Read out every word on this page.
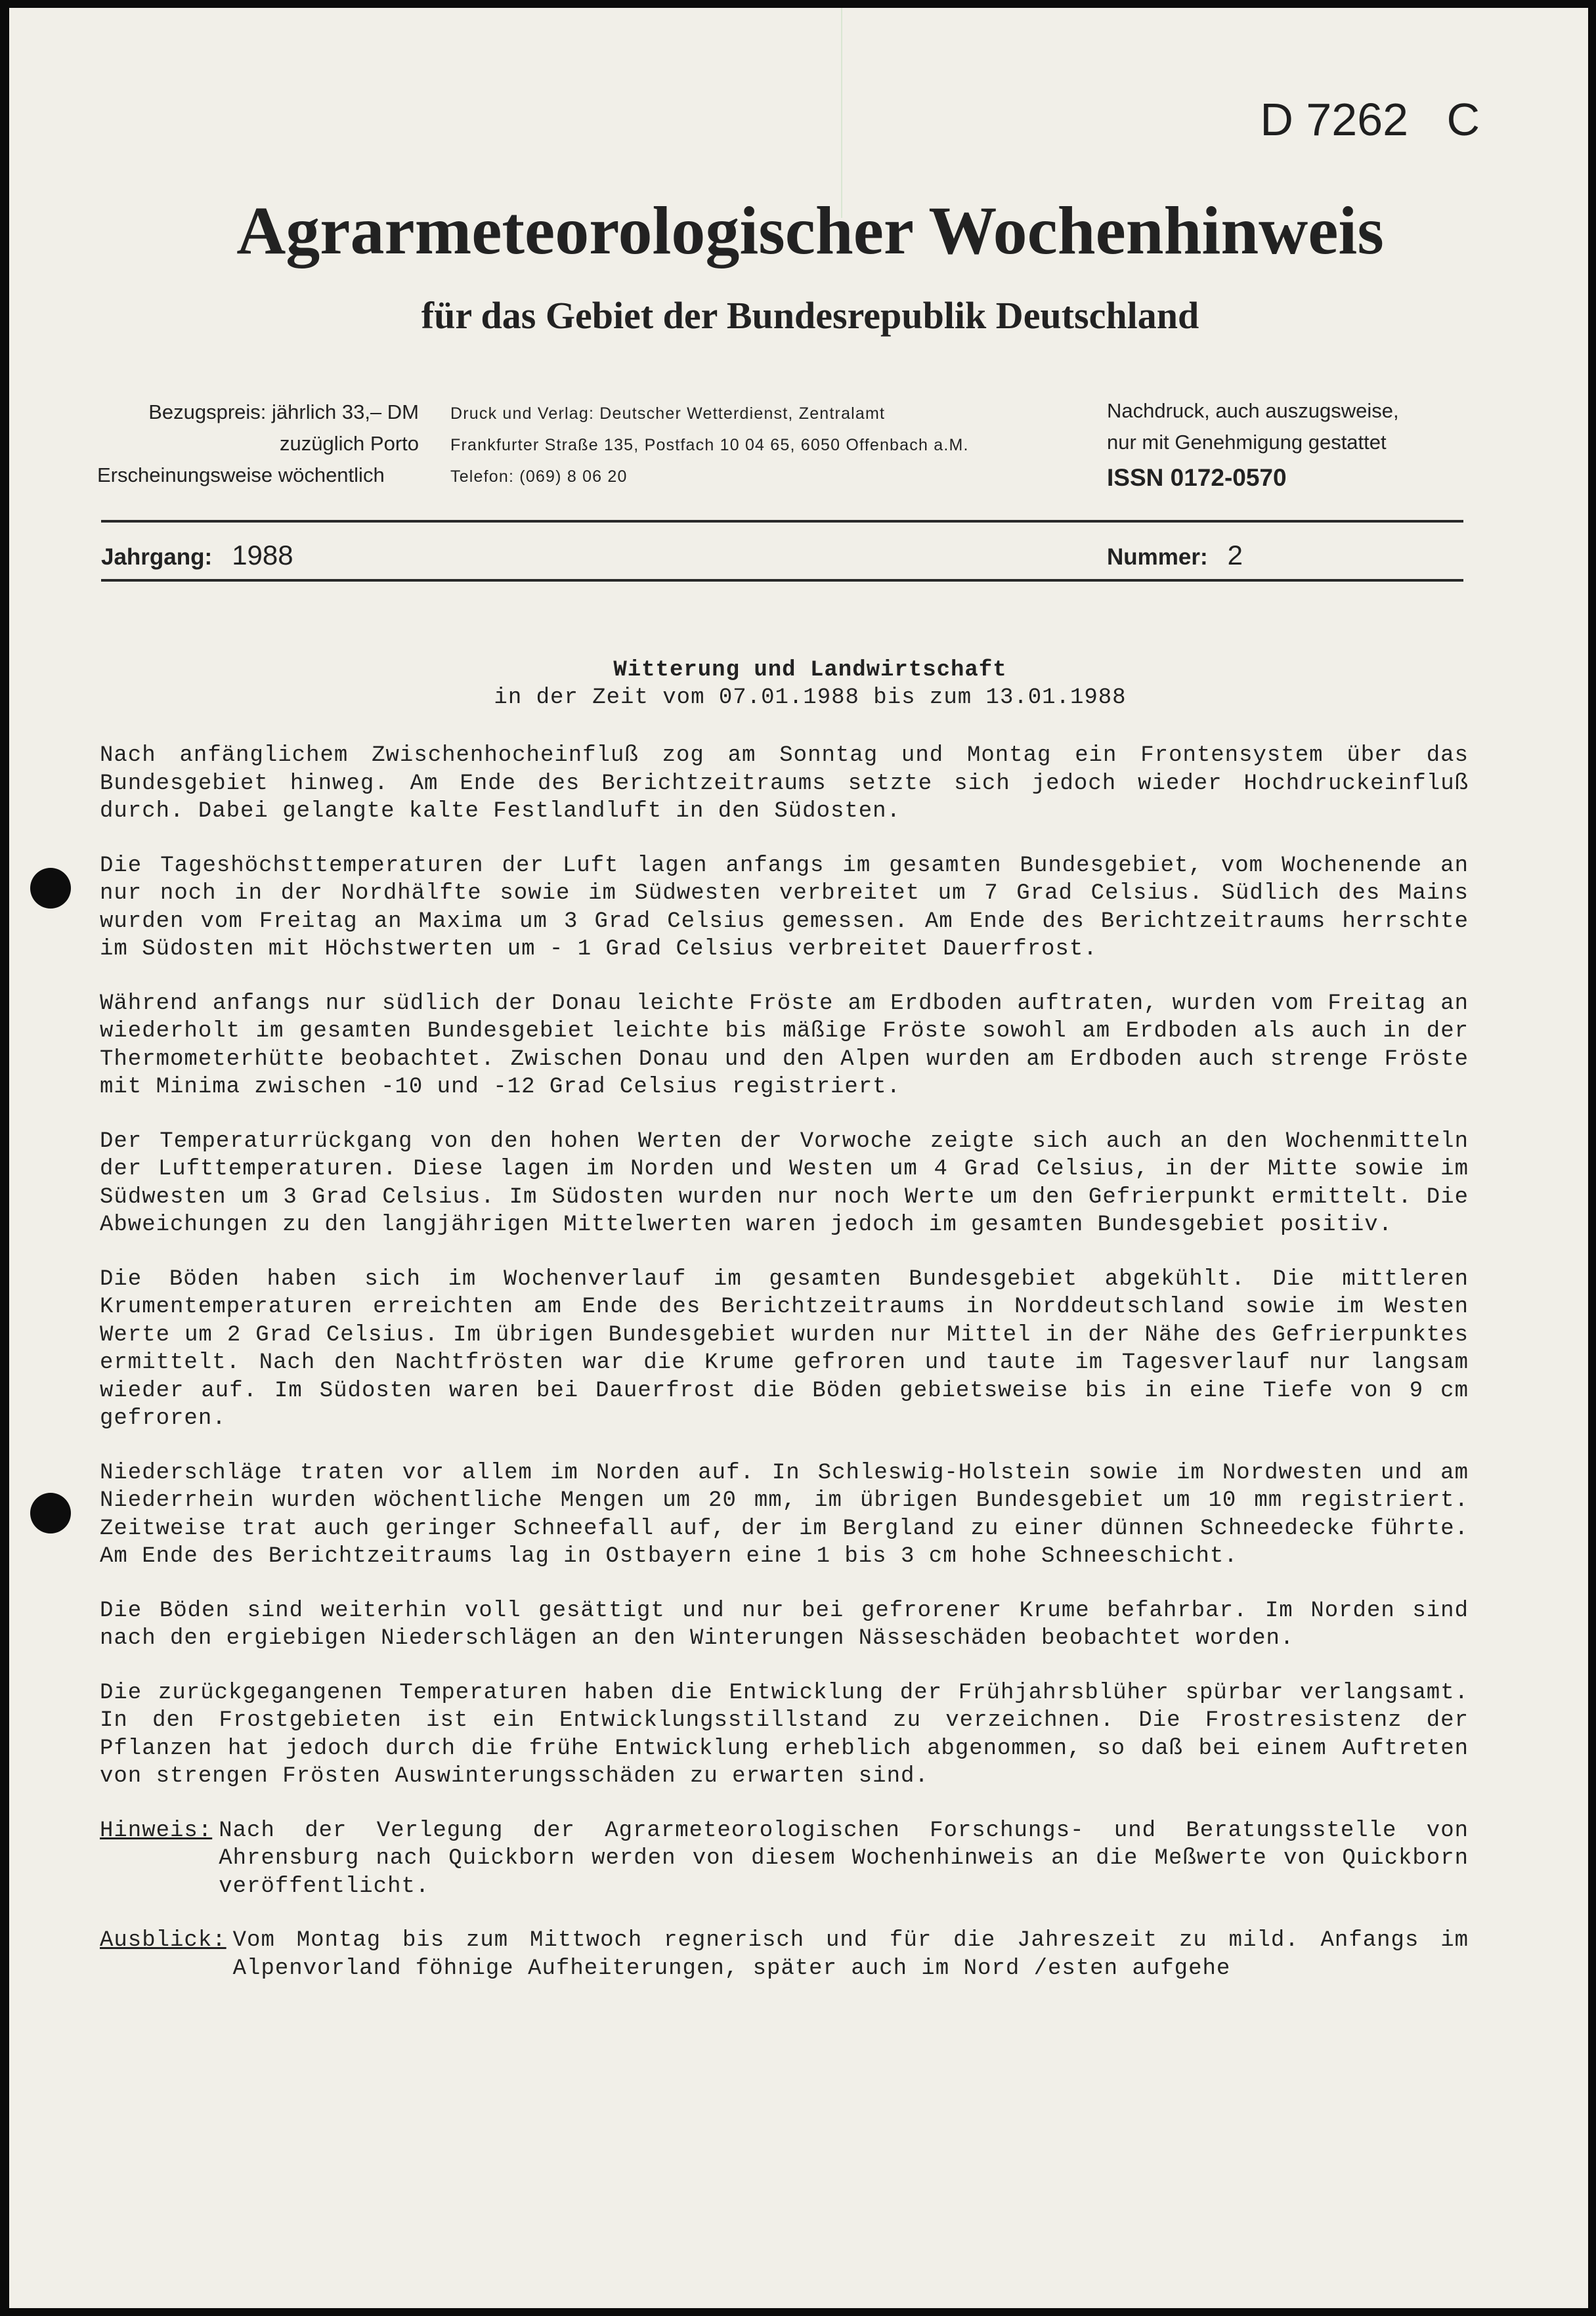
D 7262   C
Agrarmeteorologischer Wochenhinweis
für das Gebiet der Bundesrepublik Deutschland
Bezugspreis: jährlich 33,– DM
zuzüglich Porto
Erscheinungsweise wöchentlich
Druck und Verlag: Deutscher Wetterdienst, Zentralamt
Frankfurter Straße 135, Postfach 10 04 65, 6050 Offenbach a.M.
Telefon: (069) 8 06 20
Nachdruck, auch auszugsweise,
nur mit Genehmigung gestattet
ISSN 0172-0570
Jahrgang: 1988	Nummer: 2
Witterung und Landwirtschaft
in der Zeit vom 07.01.1988 bis zum 13.01.1988

Nach anfänglichem Zwischenhocheinfluß zog am Sonntag und Montag ein Frontensystem über das Bundesgebiet hinweg. Am Ende des Berichtzeitraums setzte sich jedoch wieder Hochdruckeinfluß durch. Dabei gelangte kalte Festlandluft in den Südosten.

Die Tageshöchsttemperaturen der Luft lagen anfangs im gesamten Bundesgebiet, vom Wochenende an nur noch in der Nordhälfte sowie im Südwesten verbreitet um 7 Grad Celsius. Südlich des Mains wurden vom Freitag an Maxima um 3 Grad Celsius gemessen. Am Ende des Berichtzeitraums herrschte im Südosten mit Höchstwerten um - 1 Grad Celsius verbreitet Dauerfrost.

Während anfangs nur südlich der Donau leichte Fröste am Erdboden auftraten, wurden vom Freitag an wiederholt im gesamten Bundesgebiet leichte bis mäßige Fröste sowohl am Erdboden als auch in der Thermometerhütte beobachtet. Zwischen Donau und den Alpen wurden am Erdboden auch strenge Fröste mit Minima zwischen -10 und -12 Grad Celsius registriert.

Der Temperaturrückgang von den hohen Werten der Vorwoche zeigte sich auch an den Wochenmitteln der Lufttemperaturen. Diese lagen im Norden und Westen um 4 Grad Celsius, in der Mitte sowie im Südwesten um 3 Grad Celsius. Im Südosten wurden nur noch Werte um den Gefrierpunkt ermittelt. Die Abweichungen zu den langjährigen Mittelwerten waren jedoch im gesamten Bundesgebiet positiv.

Die Böden haben sich im Wochenverlauf im gesamten Bundesgebiet abgekühlt. Die mittleren Krumentemperaturen erreichten am Ende des Berichtzeitraums in Norddeutschland sowie im Westen Werte um 2 Grad Celsius. Im übrigen Bundesgebiet wurden nur Mittel in der Nähe des Gefrierpunktes ermittelt. Nach den Nachtfrösten war die Krume gefroren und taute im Tagesverlauf nur langsam wieder auf. Im Südosten waren bei Dauerfrost die Böden gebietsweise bis in eine Tiefe von 9 cm gefroren.

Niederschläge traten vor allem im Norden auf. In Schleswig-Holstein sowie im Nordwesten und am Niederrhein wurden wöchentliche Mengen um 20 mm, im übrigen Bundesgebiet um 10 mm registriert. Zeitweise trat auch geringer Schneefall auf, der im Bergland zu einer dünnen Schneedecke führte. Am Ende des Berichtzeitraums lag in Ostbayern eine 1 bis 3 cm hohe Schneeschicht.

Die Böden sind weiterhin voll gesättigt und nur bei gefrorener Krume befahrbar. Im Norden sind nach den ergiebigen Niederschlägen an den Winterungen Nässeschäden beobachtet worden.

Die zurückgegangenen Temperaturen haben die Entwicklung der Frühjahrsblüher spürbar verlangsamt. In den Frostgebieten ist ein Entwicklungsstillstand zu verzeichnen. Die Frostresistenz der Pflanzen hat jedoch durch die frühe Entwicklung erheblich abgenommen, so daß bei einem Auftreten von strengen Frösten Auswinterungsschäden zu erwarten sind.

Hinweis: Nach der Verlegung der Agrarmeteorologischen Forschungs- und Beratungsstelle von Ahrensburg nach Quickborn werden von diesem Wochenhinweis an die Meßwerte von Quickborn veröffentlicht.
Ausblick: Vom Montag bis zum Mittwoch regnerisch und für die Jahreszeit zu mild. Anfangs im Alpenvorland föhnige Aufheiterungen, später auch im Nord /esten aufgehe
